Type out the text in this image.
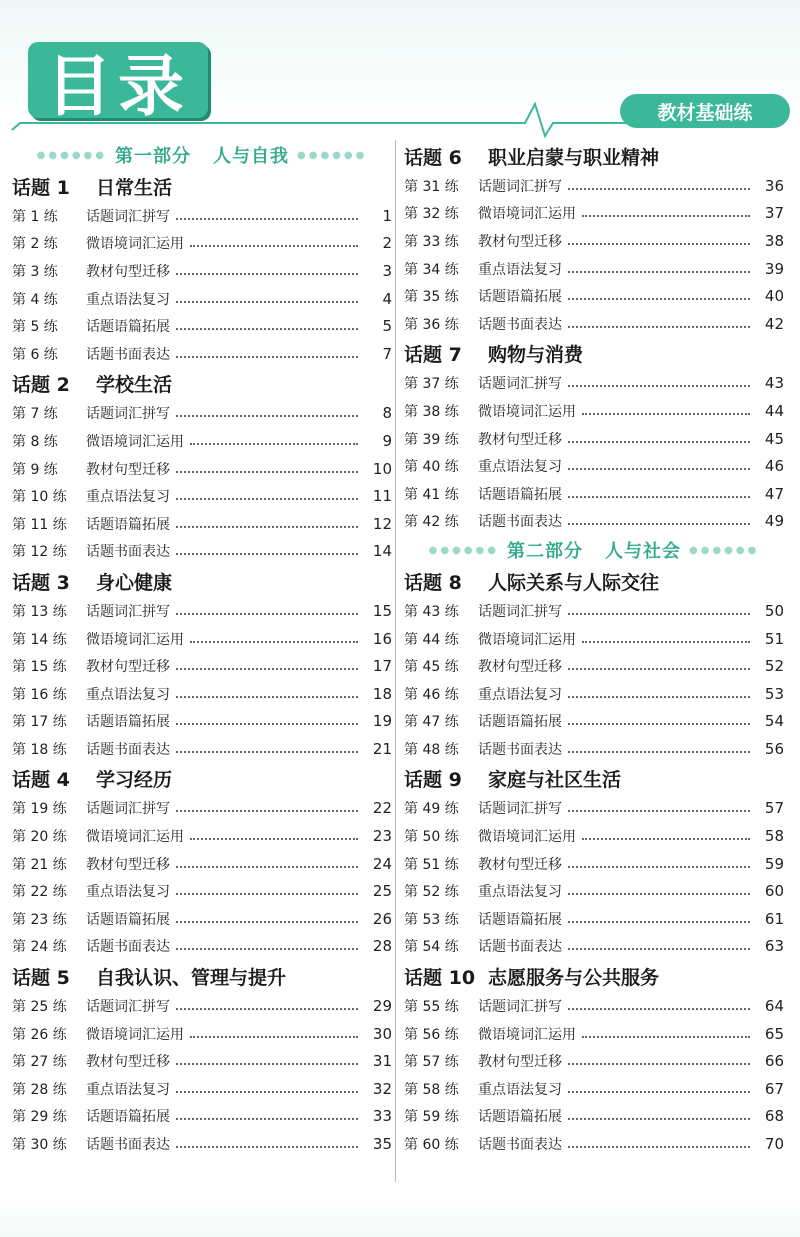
目录	教材基础练
●●●●●● 第一部分 人与自我 ●●●●●●
话题 1	日常生活
第 1 练	话题词汇拼写	1
第 2 练	微语境词汇运用	2
第 3 练	教材句型迁移	3
第 4 练	重点语法复习	4
第 5 练	话题语篇拓展	5
第 6 练	话题书面表达	7
话题 2	学校生活
第 7 练	话题词汇拼写	8
第 8 练	微语境词汇运用	9
第 9 练	教材句型迁移	10
第 10 练	重点语法复习	11
第 11 练	话题语篇拓展	12
第 12 练	话题书面表达	14
话题 3	身心健康
第 13 练	话题词汇拼写	15
第 14 练	微语境词汇运用	16
第 15 练	教材句型迁移	17
第 16 练	重点语法复习	18
第 17 练	话题语篇拓展	19
第 18 练	话题书面表达	21
话题 4	学习经历
第 19 练	话题词汇拼写	22
第 20 练	微语境词汇运用	23
第 21 练	教材句型迁移	24
第 22 练	重点语法复习	25
第 23 练	话题语篇拓展	26
第 24 练	话题书面表达	28
话题 5	自我认识、管理与提升
第 25 练	话题词汇拼写	29
第 26 练	微语境词汇运用	30
第 27 练	教材句型迁移	31
第 28 练	重点语法复习	32
第 29 练	话题语篇拓展	33
第 30 练	话题书面表达	35
话题 6	职业启蒙与职业精神
第 31 练	话题词汇拼写	36
第 32 练	微语境词汇运用	37
第 33 练	教材句型迁移	38
第 34 练	重点语法复习	39
第 35 练	话题语篇拓展	40
第 36 练	话题书面表达	42
话题 7	购物与消费
第 37 练	话题词汇拼写	43
第 38 练	微语境词汇运用	44
第 39 练	教材句型迁移	45
第 40 练	重点语法复习	46
第 41 练	话题语篇拓展	47
第 42 练	话题书面表达	49
●●●●●● 第二部分 人与社会 ●●●●●●
话题 8	人际关系与人际交往
第 43 练	话题词汇拼写	50
第 44 练	微语境词汇运用	51
第 45 练	教材句型迁移	52
第 46 练	重点语法复习	53
第 47 练	话题语篇拓展	54
第 48 练	话题书面表达	56
话题 9	家庭与社区生活
第 49 练	话题词汇拼写	57
第 50 练	微语境词汇运用	58
第 51 练	教材句型迁移	59
第 52 练	重点语法复习	60
第 53 练	话题语篇拓展	61
第 54 练	话题书面表达	63
话题 10 志愿服务与公共服务
第 55 练	话题词汇拼写	64
第 56 练	微语境词汇运用	65
第 57 练	教材句型迁移	66
第 58 练	重点语法复习	67
第 59 练	话题语篇拓展	68
第 60 练	话题书面表达	70
